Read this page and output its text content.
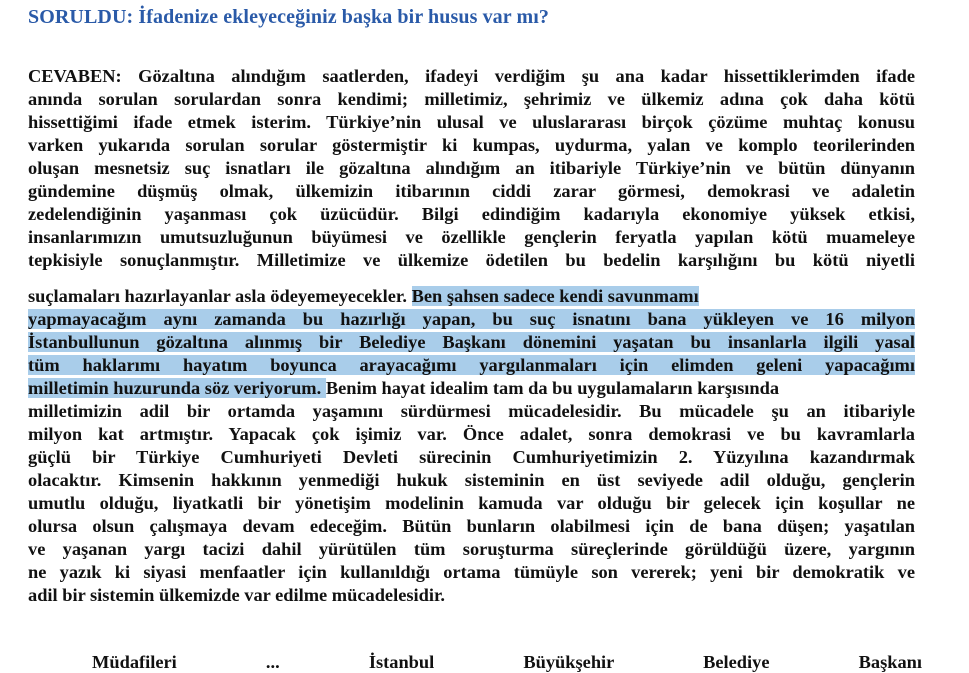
SORULDU: İfadenize ekleyeceğiniz başka bir husus var mı?
CEVABEN: Gözaltına alındığım saatlerden, ifadeyi verdiğim şu ana kadar hissettiklerimden ifade
anında sorulan sorulardan sonra kendimi; milletimiz, şehrimiz ve ülkemiz adına çok daha kötü
hissettiğimi ifade etmek isterim. Türkiye’nin ulusal ve uluslararası birçok çözüme muhtaç konusu
varken yukarıda sorulan sorular göstermiştir ki kumpas, uydurma, yalan ve komplo teorilerinden
oluşan mesnetsiz suç isnatları ile gözaltına alındığım an itibariyle Türkiye’nin ve bütün dünyanın
gündemine düşmüş olmak, ülkemizin itibarının ciddi zarar görmesi, demokrasi ve adaletin
zedelendiğinin yaşanması çok üzücüdür. Bilgi edindiğim kadarıyla ekonomiye yüksek etkisi,
insanlarımızın umutsuzluğunun büyümesi ve özellikle gençlerin feryatla yapılan kötü muameleye
tepkisiyle sonuçlanmıştır. Milletimize ve ülkemize ödetilen bu bedelin karşılığını bu kötü niyetli
suçlamaları hazırlayanlar asla ödeyemeyecekler. Ben şahsen sadece kendi savunmamı
yapmayacağım aynı zamanda bu hazırlığı yapan, bu suç isnatını bana yükleyen ve 16 milyon
İstanbullunun gözaltına alınmış bir Belediye Başkanı dönemini yaşatan bu insanlarla ilgili yasal
tüm haklarımı hayatım boyunca arayacağımı yargılanmaları için elimden geleni yapacağımı
milletimin huzurunda söz veriyorum. Benim hayat idealim tam da bu uygulamaların karşısında
milletimizin adil bir ortamda yaşamını sürdürmesi mücadelesidir. Bu mücadele şu an itibariyle
milyon kat artmıştır. Yapacak çok işimiz var. Önce adalet, sonra demokrasi ve bu kavramlarla
güçlü bir Türkiye Cumhuriyeti Devleti sürecinin Cumhuriyetimizin 2. Yüzyılına kazandırmak
olacaktır. Kimsenin hakkının yenmediği hukuk sisteminin en üst seviyede adil olduğu, gençlerin
umutlu olduğu, liyatkatli bir yönetişim modelinin kamuda var olduğu bir gelecek için koşullar ne
olursa olsun çalışmaya devam edeceğim. Bütün bunların olabilmesi için de bana düşen; yaşatılan
ve yaşanan yargı tacizi dahil yürütülen tüm soruşturma süreçlerinde görüldüğü üzere, yargının
ne yazık ki siyasi menfaatler için kullanıldığı ortama tümüyle son vererek; yeni bir demokratik ve
adil bir sistemin ülkemizde var edilme mücadelesidir.
Müdafileri ... İstanbul Büyükşehir Belediye Başkanı
